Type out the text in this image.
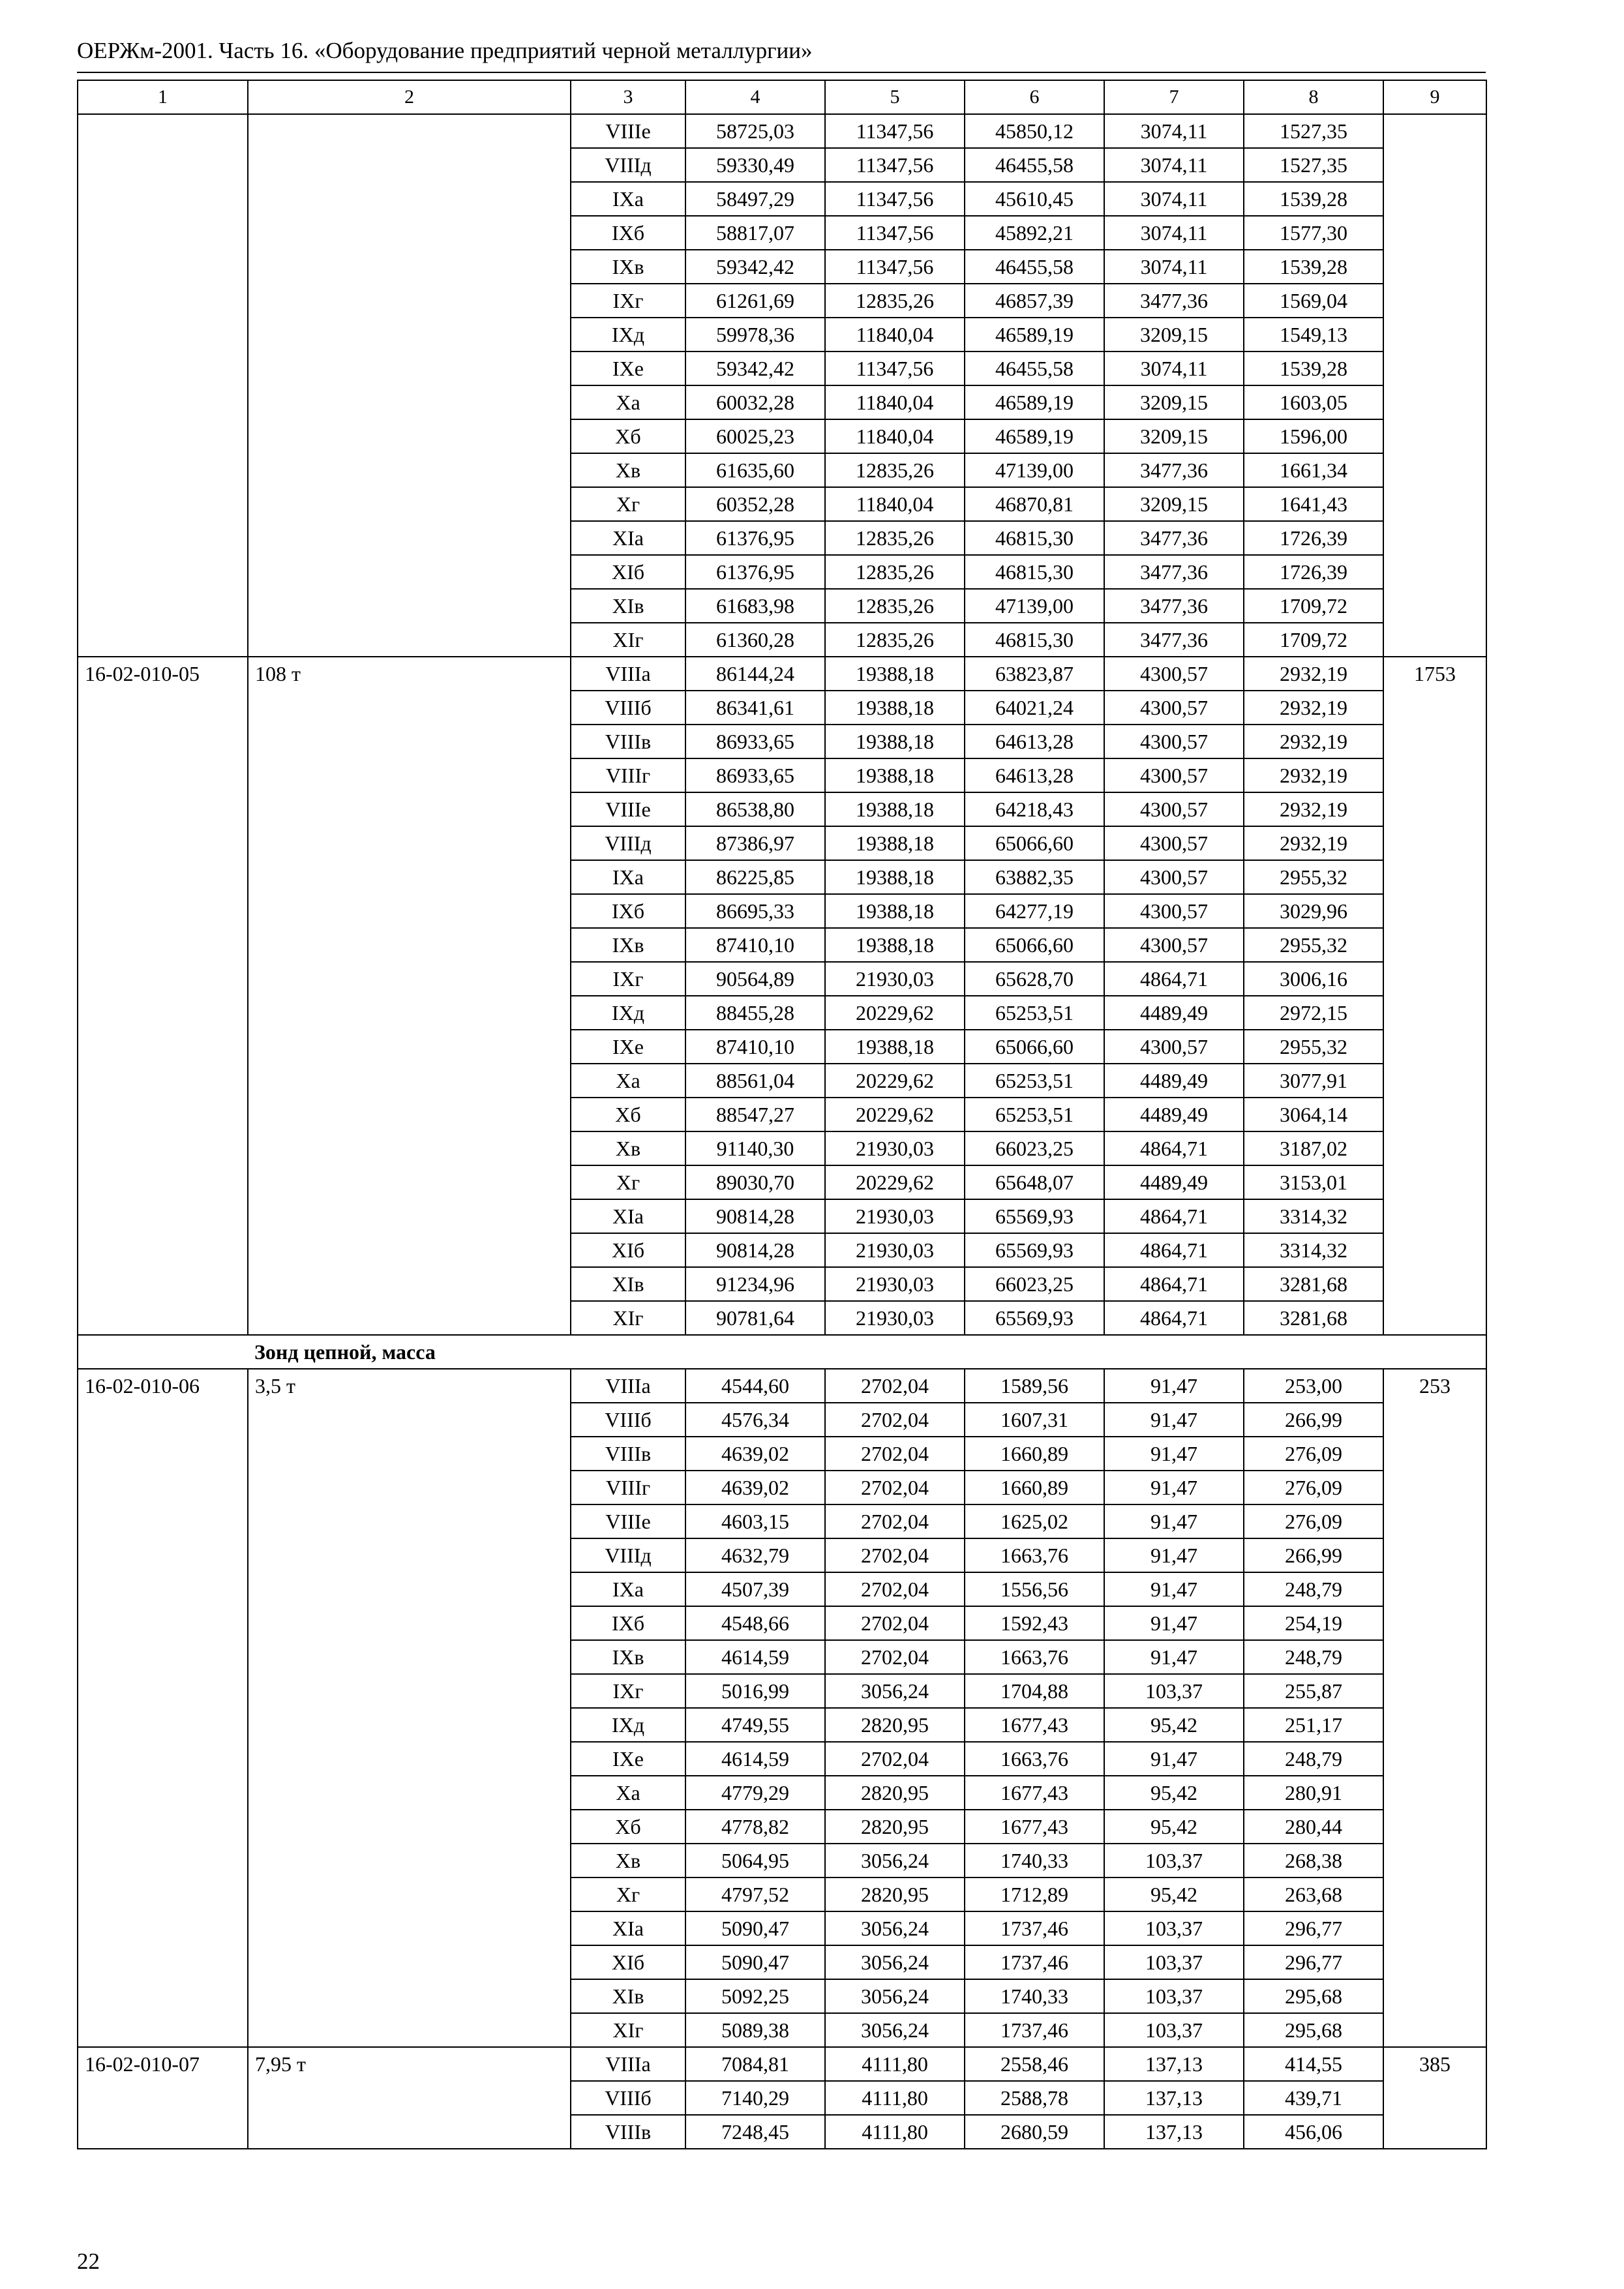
ОЕРЖм-2001. Часть 16. «Оборудование предприятий черной металлургии»
1	2	3	4	5	6	7	8	9
		VIIIе	58725,03	11347,56	45850,12	3074,11	1527,35	
		VIIIд	59330,49	11347,56	46455,58	3074,11	1527,35	
		IXа	58497,29	11347,56	45610,45	3074,11	1539,28	
		IXб	58817,07	11347,56	45892,21	3074,11	1577,30	
		IXв	59342,42	11347,56	46455,58	3074,11	1539,28	
		IXг	61261,69	12835,26	46857,39	3477,36	1569,04	
		IXд	59978,36	11840,04	46589,19	3209,15	1549,13	
		IXе	59342,42	11347,56	46455,58	3074,11	1539,28	
		Xа	60032,28	11840,04	46589,19	3209,15	1603,05	
		Xб	60025,23	11840,04	46589,19	3209,15	1596,00	
		Xв	61635,60	12835,26	47139,00	3477,36	1661,34	
		Xг	60352,28	11840,04	46870,81	3209,15	1641,43	
		XIа	61376,95	12835,26	46815,30	3477,36	1726,39	
		XIб	61376,95	12835,26	46815,30	3477,36	1726,39	
		XIв	61683,98	12835,26	47139,00	3477,36	1709,72	
		XIг	61360,28	12835,26	46815,30	3477,36	1709,72	
16-02-010-05	108 т	VIIIа	86144,24	19388,18	63823,87	4300,57	2932,19	1753
		VIIIб	86341,61	19388,18	64021,24	4300,57	2932,19	
		VIIIв	86933,65	19388,18	64613,28	4300,57	2932,19	
		VIIIг	86933,65	19388,18	64613,28	4300,57	2932,19	
		VIIIе	86538,80	19388,18	64218,43	4300,57	2932,19	
		VIIIд	87386,97	19388,18	65066,60	4300,57	2932,19	
		IXа	86225,85	19388,18	63882,35	4300,57	2955,32	
		IXб	86695,33	19388,18	64277,19	4300,57	3029,96	
		IXв	87410,10	19388,18	65066,60	4300,57	2955,32	
		IXг	90564,89	21930,03	65628,70	4864,71	3006,16	
		IXд	88455,28	20229,62	65253,51	4489,49	2972,15	
		IXе	87410,10	19388,18	65066,60	4300,57	2955,32	
		Xа	88561,04	20229,62	65253,51	4489,49	3077,91	
		Xб	88547,27	20229,62	65253,51	4489,49	3064,14	
		Xв	91140,30	21930,03	66023,25	4864,71	3187,02	
		Xг	89030,70	20229,62	65648,07	4489,49	3153,01	
		XIа	90814,28	21930,03	65569,93	4864,71	3314,32	
		XIб	90814,28	21930,03	65569,93	4864,71	3314,32	
		XIв	91234,96	21930,03	66023,25	4864,71	3281,68	
		XIг	90781,64	21930,03	65569,93	4864,71	3281,68	
	Зонд цепной, масса							
16-02-010-06	3,5 т	VIIIа	4544,60	2702,04	1589,56	91,47	253,00	253
		VIIIб	4576,34	2702,04	1607,31	91,47	266,99	
		VIIIв	4639,02	2702,04	1660,89	91,47	276,09	
		VIIIг	4639,02	2702,04	1660,89	91,47	276,09	
		VIIIе	4603,15	2702,04	1625,02	91,47	276,09	
		VIIIд	4632,79	2702,04	1663,76	91,47	266,99	
		IXа	4507,39	2702,04	1556,56	91,47	248,79	
		IXб	4548,66	2702,04	1592,43	91,47	254,19	
		IXв	4614,59	2702,04	1663,76	91,47	248,79	
		IXг	5016,99	3056,24	1704,88	103,37	255,87	
		IXд	4749,55	2820,95	1677,43	95,42	251,17	
		IXе	4614,59	2702,04	1663,76	91,47	248,79	
		Xа	4779,29	2820,95	1677,43	95,42	280,91	
		Xб	4778,82	2820,95	1677,43	95,42	280,44	
		Xв	5064,95	3056,24	1740,33	103,37	268,38	
		Xг	4797,52	2820,95	1712,89	95,42	263,68	
		XIа	5090,47	3056,24	1737,46	103,37	296,77	
		XIб	5090,47	3056,24	1737,46	103,37	296,77	
		XIв	5092,25	3056,24	1740,33	103,37	295,68	
		XIг	5089,38	3056,24	1737,46	103,37	295,68	
16-02-010-07	7,95 т	VIIIа	7084,81	4111,80	2558,46	137,13	414,55	385
		VIIIб	7140,29	4111,80	2588,78	137,13	439,71	
		VIIIв	7248,45	4111,80	2680,59	137,13	456,06	
22
